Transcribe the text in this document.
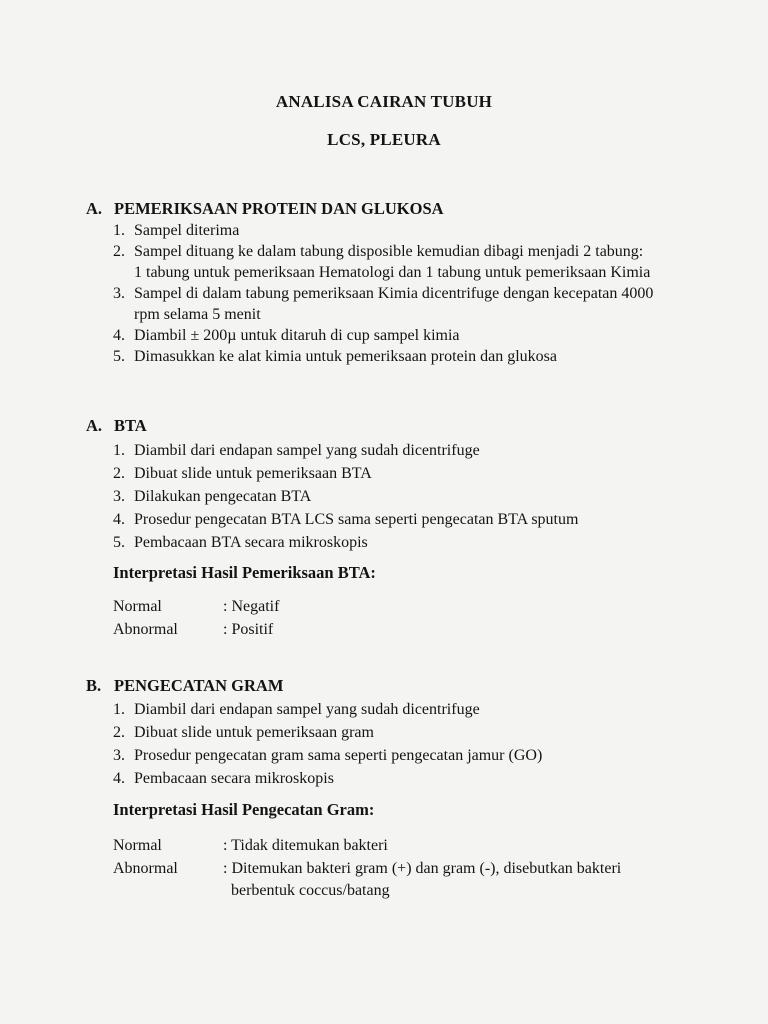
ANALISA CAIRAN TUBUH
LCS, PLEURA
A. PEMERIKSAAN PROTEIN DAN GLUKOSA
1. Sampel diterima
2. Sampel dituang ke dalam tabung disposible kemudian dibagi menjadi 2 tabung:
1 tabung untuk pemeriksaan Hematologi dan 1 tabung untuk pemeriksaan Kimia
3. Sampel di dalam tabung pemeriksaan Kimia dicentrifuge dengan kecepatan 4000
rpm selama 5 menit
4. Diambil ± 200µ untuk ditaruh di cup sampel kimia
5. Dimasukkan ke alat kimia untuk pemeriksaan protein dan glukosa
A. BTA
1. Diambil dari endapan sampel yang sudah dicentrifuge
2. Dibuat slide untuk pemeriksaan BTA
3. Dilakukan pengecatan BTA
4. Prosedur pengecatan BTA LCS sama seperti pengecatan BTA sputum
5. Pembacaan BTA secara mikroskopis
Interpretasi Hasil Pemeriksaan BTA:
Normal	: Negatif
Abnormal	: Positif
B. PENGECATAN GRAM
1. Diambil dari endapan sampel yang sudah dicentrifuge
2. Dibuat slide untuk pemeriksaan gram
3. Prosedur pengecatan gram sama seperti pengecatan jamur (GO)
4. Pembacaan secara mikroskopis
Interpretasi Hasil Pengecatan Gram:
Normal	: Tidak ditemukan bakteri
Abnormal	: Ditemukan bakteri gram (+) dan gram (-), disebutkan bakteri
berbentuk coccus/batang
